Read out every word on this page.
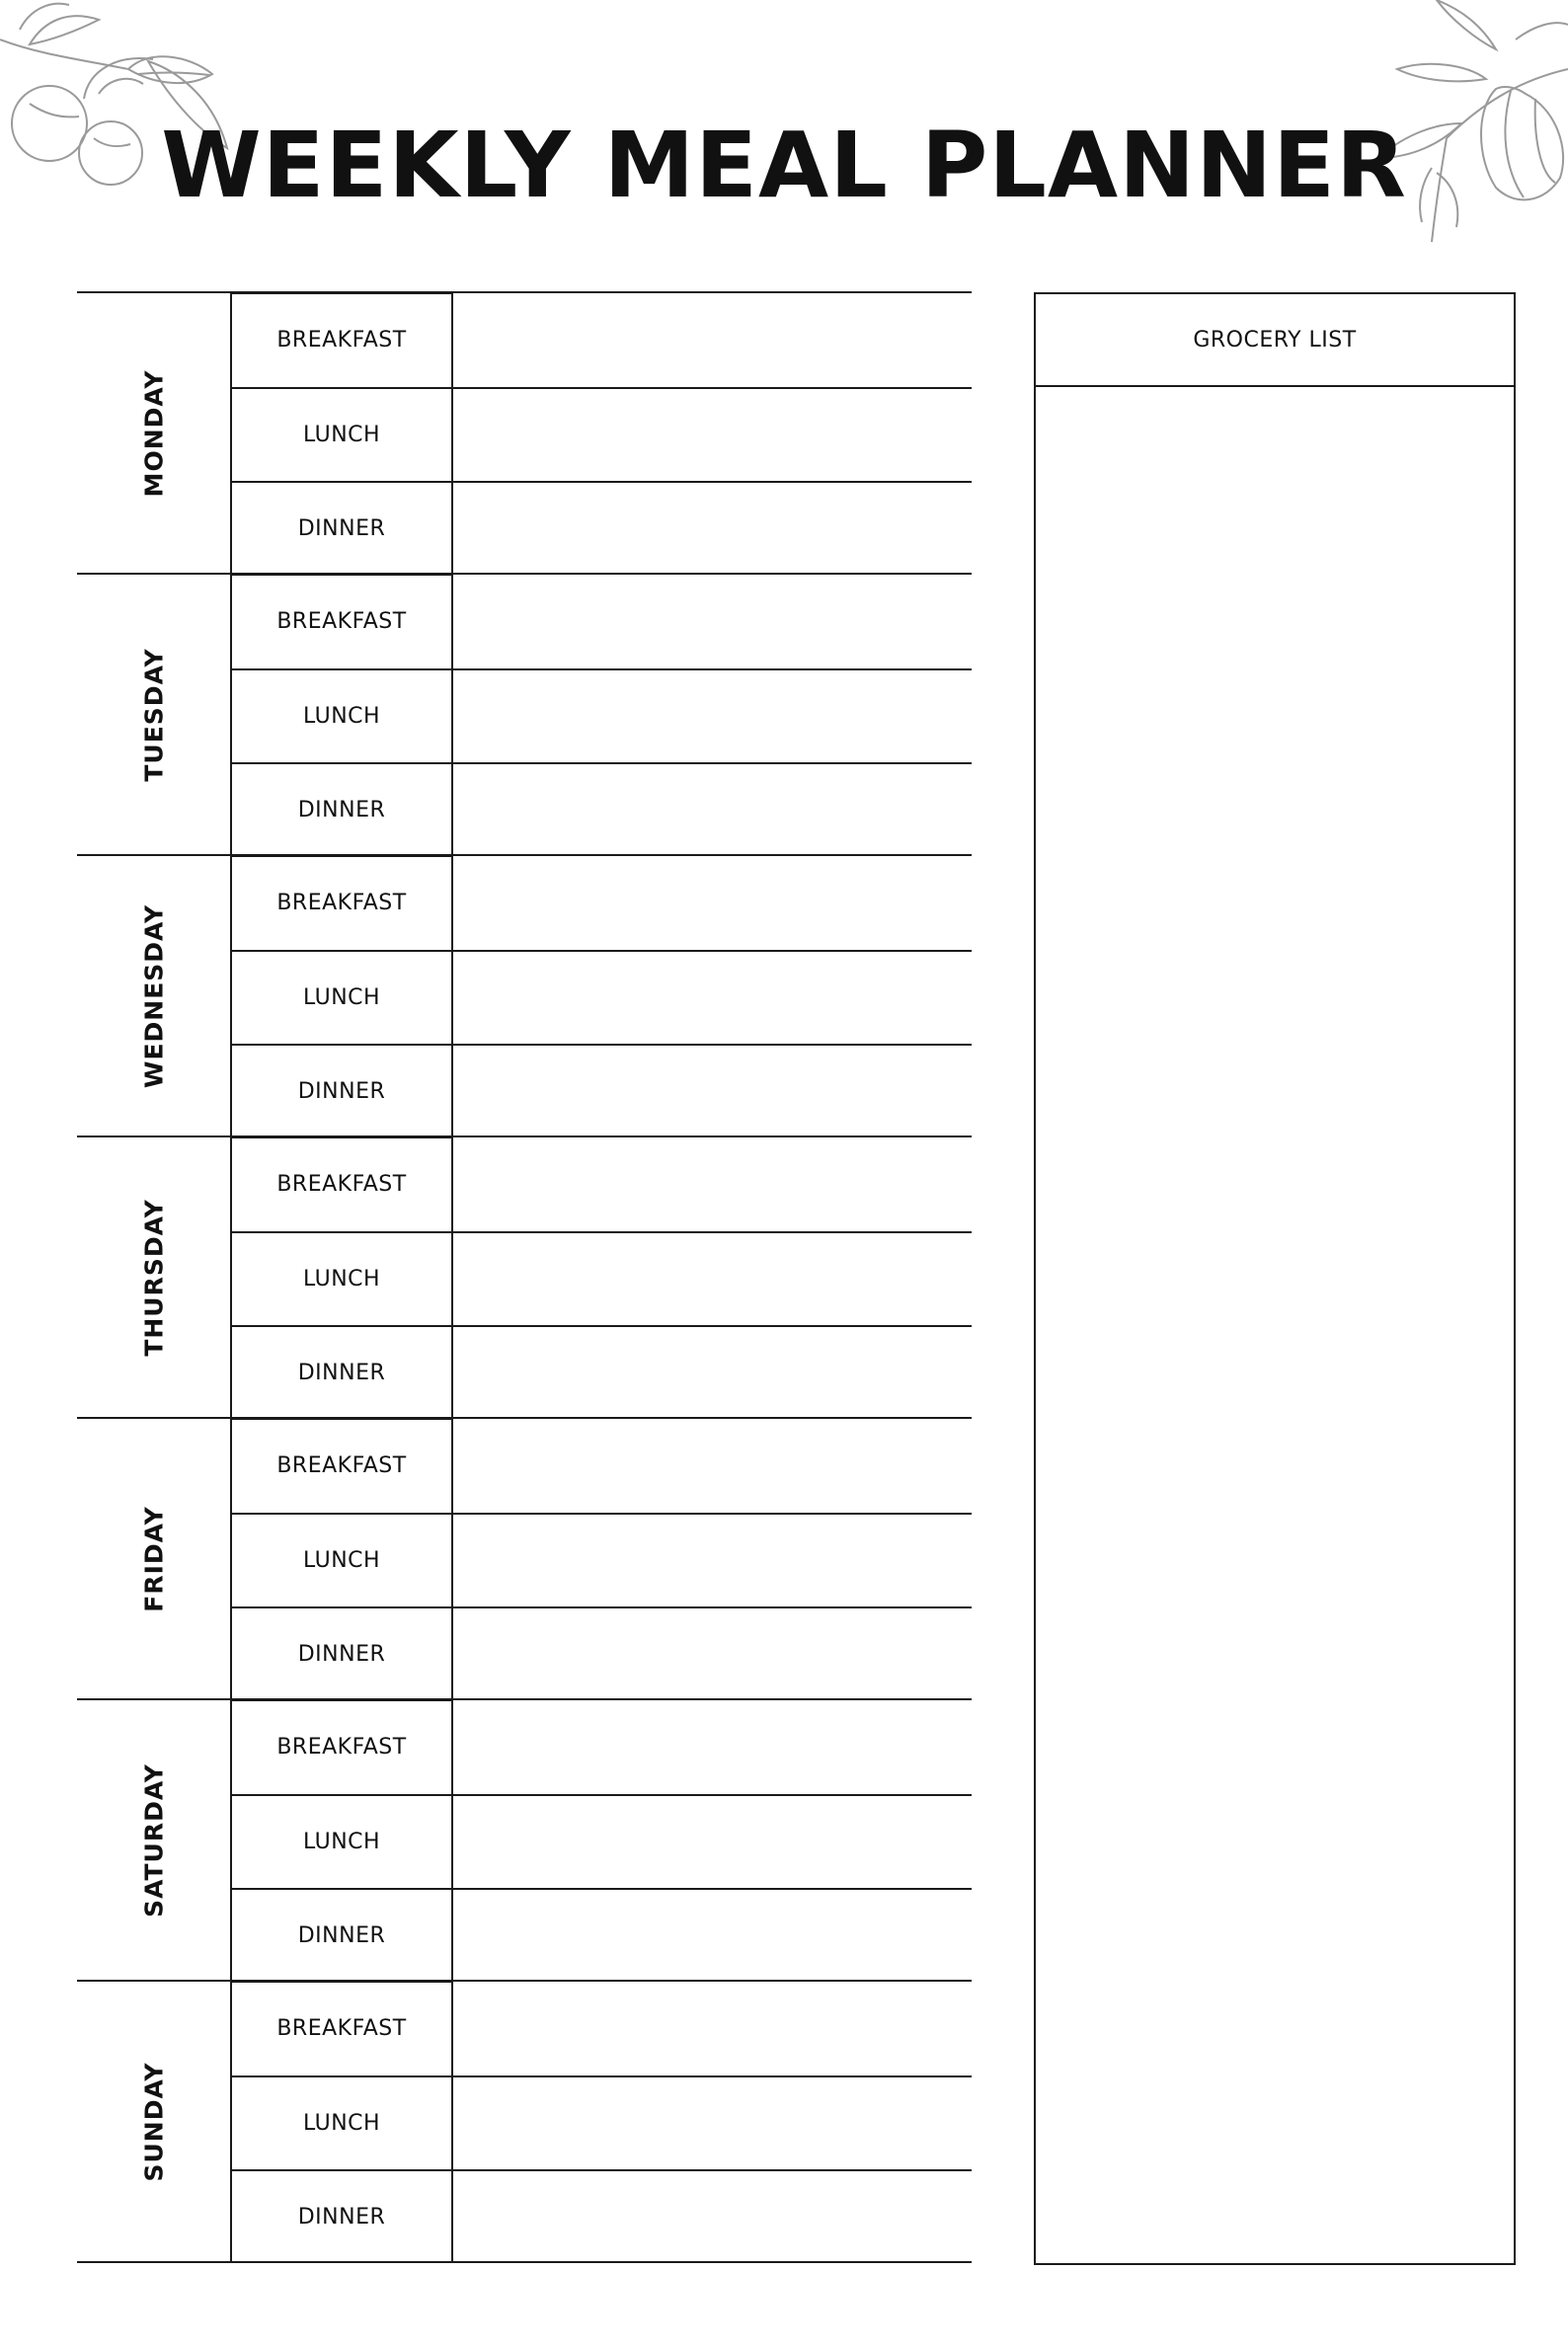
WEEKLY MEAL PLANNER
MONDAY
BREAKFAST
LUNCH
DINNER
TUESDAY
BREAKFAST
LUNCH
DINNER
WEDNESDAY
BREAKFAST
LUNCH
DINNER
THURSDAY
BREAKFAST
LUNCH
DINNER
FRIDAY
BREAKFAST
LUNCH
DINNER
SATURDAY
BREAKFAST
LUNCH
DINNER
SUNDAY
BREAKFAST
LUNCH
DINNER
GROCERY LIST
